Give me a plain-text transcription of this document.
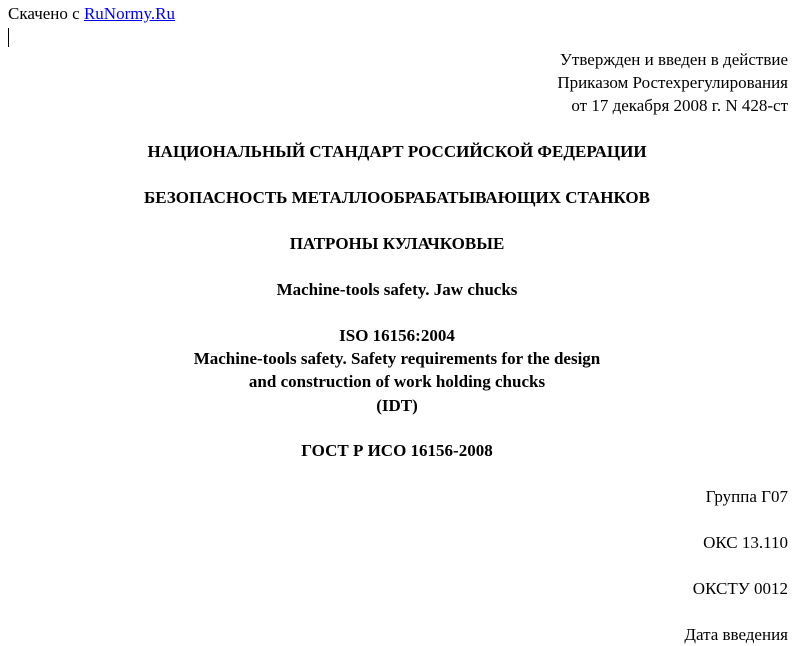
Скачено с RuNormy.Ru
Утвержден и введен в действие
Приказом Ростехрегулирования
от 17 декабря 2008 г. N 428-ст
НАЦИОНАЛЬНЫЙ СТАНДАРТ РОССИЙСКОЙ ФЕДЕРАЦИИ
БЕЗОПАСНОСТЬ МЕТАЛЛООБРАБАТЫВАЮЩИХ СТАНКОВ
ПАТРОНЫ КУЛАЧКОВЫЕ
Machine-tools safety. Jaw chucks
ISO 16156:2004
Machine-tools safety. Safety requirements for the design
and construction of work holding chucks
(IDT)
ГОСТ Р ИСО 16156-2008
Группа Г07
ОКС 13.110
ОКСТУ 0012
Дата введения
